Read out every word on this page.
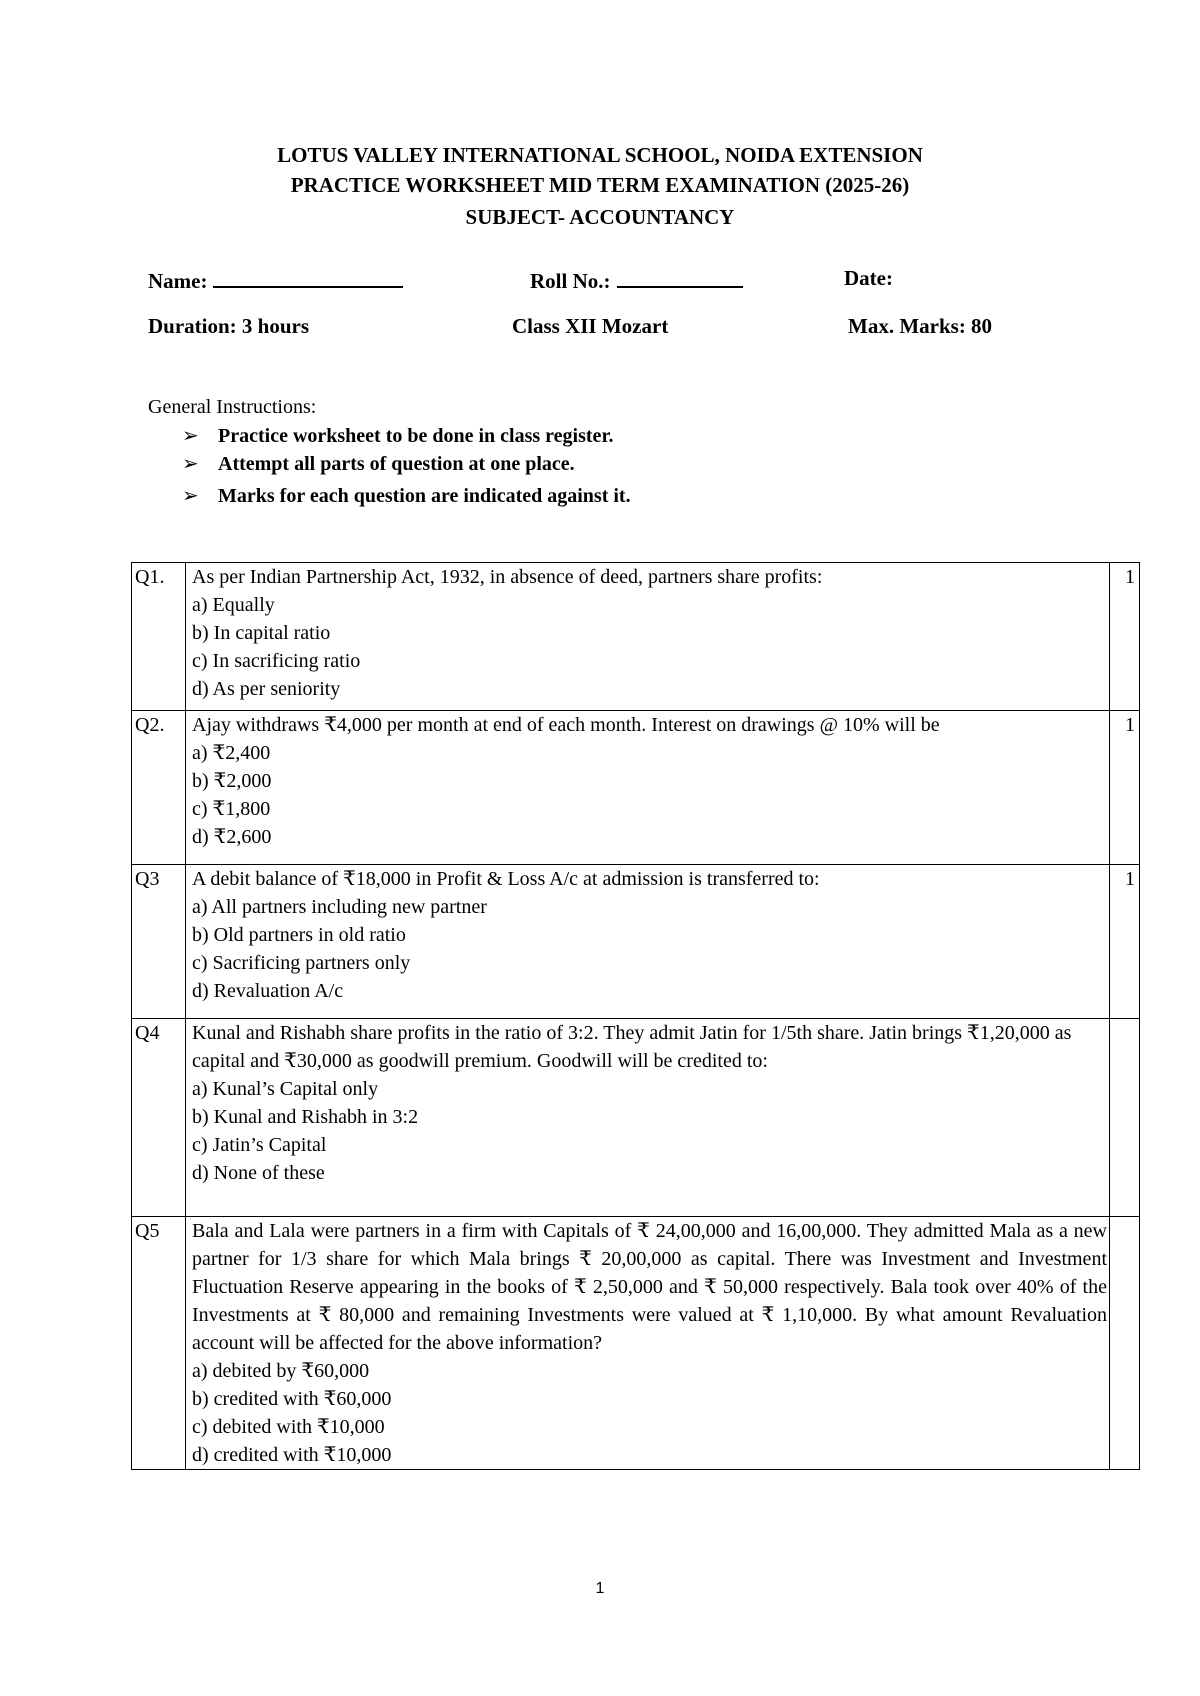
LOTUS VALLEY INTERNATIONAL SCHOOL, NOIDA EXTENSION
PRACTICE WORKSHEET MID TERM EXAMINATION (2025-26)
SUBJECT- ACCOUNTANCY
Name:	Roll No.:	Date:
Duration: 3 hours	Class XII Mozart	Max. Marks: 80
General Instructions:
➢ Practice worksheet to be done in class register.
➢ Attempt all parts of question at one place.
➢ Marks for each question are indicated against it.
Q1.	As per Indian Partnership Act, 1932, in absence of deed, partners share profits:
a) Equally
b) In capital ratio
c) In sacrificing ratio
d) As per seniority	1
Q2.	Ajay withdraws ₹4,000 per month at end of each month. Interest on drawings @ 10% will be
a) ₹2,400
b) ₹2,000
c) ₹1,800
d) ₹2,600	1
Q3	A debit balance of ₹18,000 in Profit & Loss A/c at admission is transferred to:
a) All partners including new partner
b) Old partners in old ratio
c) Sacrificing partners only
d) Revaluation A/c	1
Q4	Kunal and Rishabh share profits in the ratio of 3:2. They admit Jatin for 1/5th share. Jatin brings ₹1,20,000 as capital and ₹30,000 as goodwill premium. Goodwill will be credited to:
a) Kunal’s Capital only
b) Kunal and Rishabh in 3:2
c) Jatin’s Capital
d) None of these	

Q5	Bala and Lala were partners in a firm with Capitals of ₹ 24,00,000 and 16,00,000. They admitted Mala as a new partner for 1/3 share for which Mala brings ₹ 20,00,000 as capital. There was Investment and Investment Fluctuation Reserve appearing in the books of ₹ 2,50,000 and ₹ 50,000 respectively. Bala took over 40% of the Investments at ₹ 80,000 and remaining Investments were valued at ₹ 1,10,000. By what amount Revaluation account will be affected for the above information?
a) debited by ₹60,000
b) credited with ₹60,000
c) debited with ₹10,000
d) credited with ₹10,000	

1
